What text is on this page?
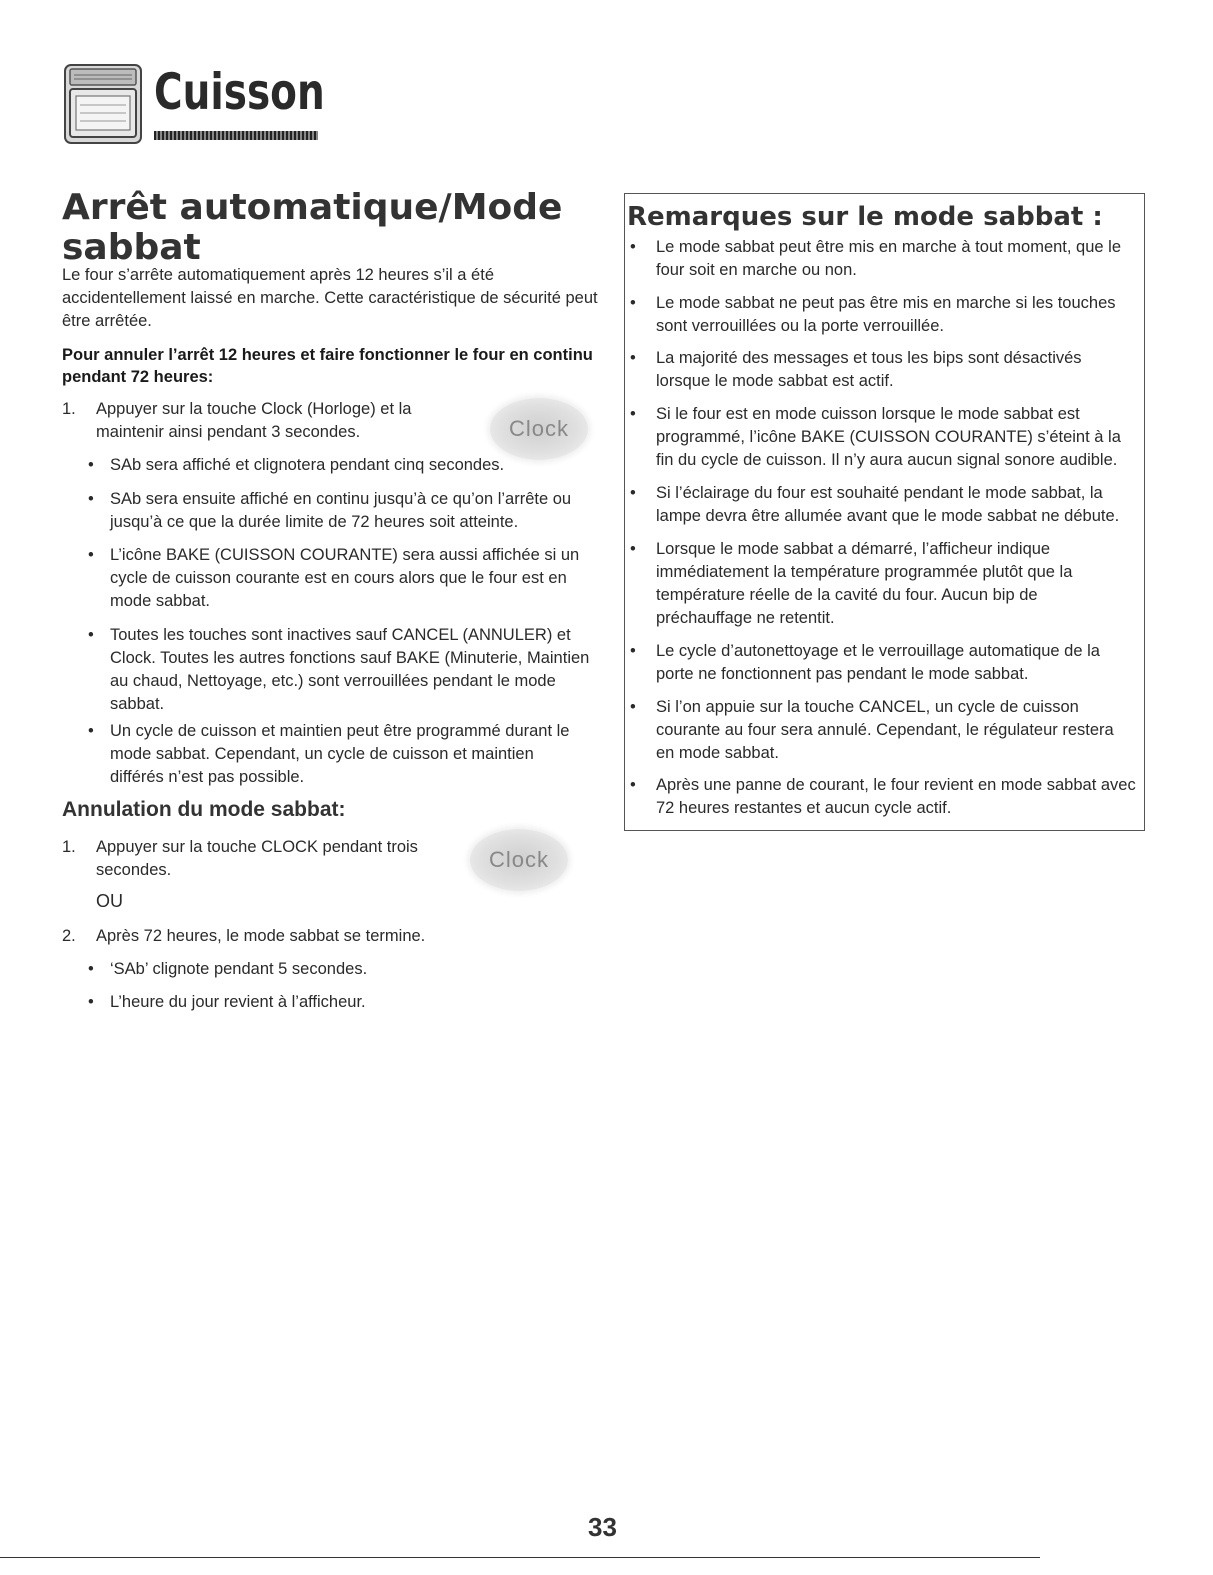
Cuisson
Arrêt automatique/Mode sabbat

Le four s’arrête automatiquement après 12 heures s’il a été accidentellement laissé en marche. Cette caractéristique de sécurité peut être arrêtée.

Pour annuler l’arrêt 12 heures et faire fonctionner le four en continu pendant 72 heures:

1. Appuyer sur la touche Clock (Horloge) et la maintenir ainsi pendant 3 secondes.	Clock
• SAb sera affiché et clignotera pendant cinq secondes.
• SAb sera ensuite affiché en continu jusqu’à ce qu’on l’arrête ou jusqu’à ce que la durée limite de 72 heures soit atteinte.
• L’icône BAKE (CUISSON COURANTE) sera aussi affichée si un cycle de cuisson courante est en cours alors que le four est en mode sabbat.
• Toutes les touches sont inactives sauf CANCEL (ANNULER) et Clock. Toutes les autres fonctions sauf BAKE (Minuterie, Maintien au chaud, Nettoyage, etc.) sont verrouillées pendant le mode sabbat.
• Un cycle de cuisson et maintien peut être programmé durant le mode sabbat. Cependant, un cycle de cuisson et maintien différés n’est pas possible.
Annulation du mode sabbat:
1. Appuyer sur la touche CLOCK pendant trois secondes.	Clock
OU
2. Après 72 heures, le mode sabbat se termine.
• ‘SAb’ clignote pendant 5 secondes.
• L’heure du jour revient à l’afficheur.
Remarques sur le mode sabbat :
• Le mode sabbat peut être mis en marche à tout moment, que le four soit en marche ou non.
• Le mode sabbat ne peut pas être mis en marche si les touches sont verrouillées ou la porte verrouillée.
• La majorité des messages et tous les bips sont désactivés lorsque le mode sabbat est actif.
• Si le four est en mode cuisson lorsque le mode sabbat est programmé, l’icône BAKE (CUISSON COURANTE) s’éteint à la fin du cycle de cuisson. Il n’y aura aucun signal sonore audible.
• Si l’éclairage du four est souhaité pendant le mode sabbat, la lampe devra être allumée avant que le mode sabbat ne débute.
• Lorsque le mode sabbat a démarré, l’afficheur indique immédiatement la température programmée plutôt que la température réelle de la cavité du four. Aucun bip de préchauffage ne retentit.
• Le cycle d’autonettoyage et le verrouillage automatique de la porte ne fonctionnent pas pendant le mode sabbat.
• Si l’on appuie sur la touche CANCEL, un cycle de cuisson courante au four sera annulé. Cependant, le régulateur restera en mode sabbat.
• Après une panne de courant, le four revient en mode sabbat avec 72 heures restantes et aucun cycle actif.
33
